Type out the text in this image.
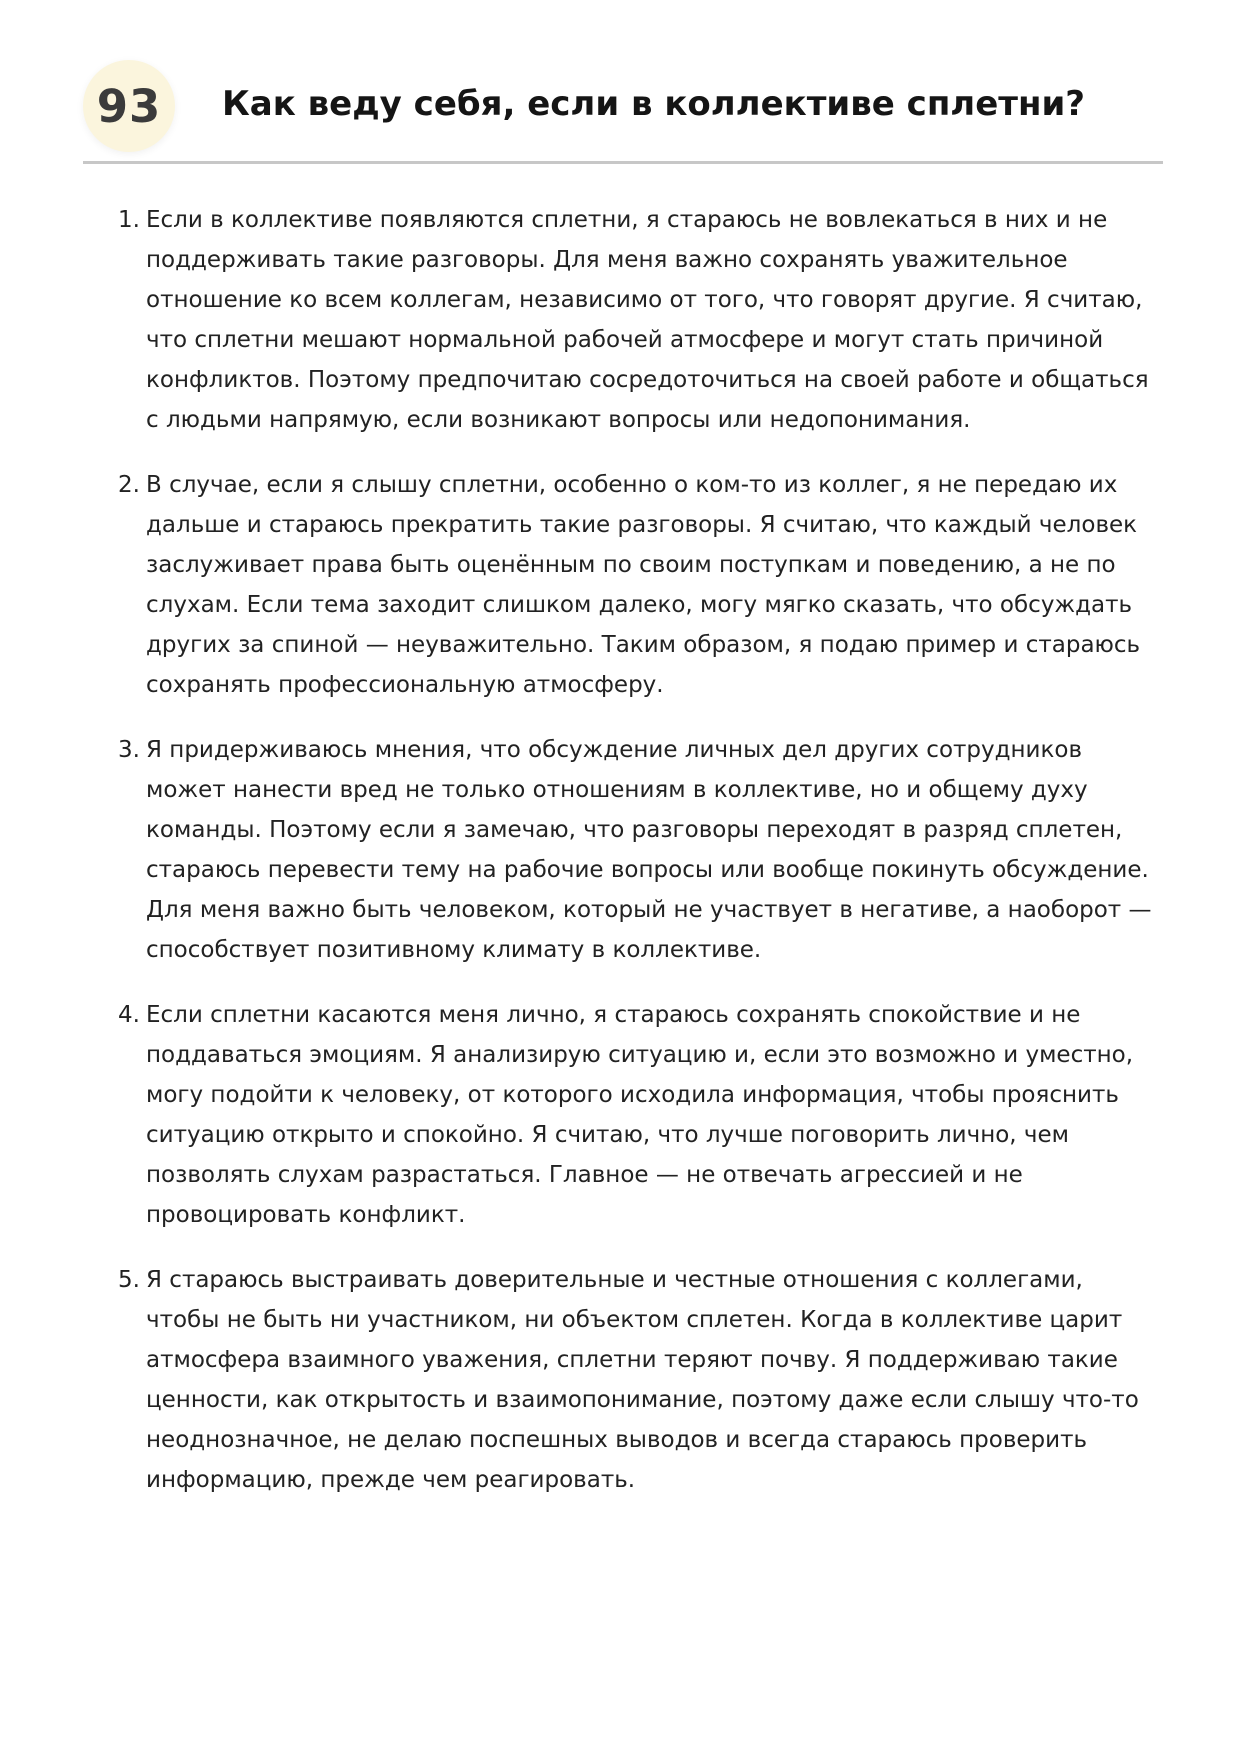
93	Как веду себя, если в коллективе сплетни?
1. Если в коллективе появляются сплетни, я стараюсь не вовлекаться в них и не поддерживать такие разговоры. Для меня важно сохранять уважительное отношение ко всем коллегам, независимо от того, что говорят другие. Я считаю, что сплетни мешают нормальной рабочей атмосфере и могут стать причиной конфликтов. Поэтому предпочитаю сосредоточиться на своей работе и общаться с людьми напрямую, если возникают вопросы или недопонимания.
2. В случае, если я слышу сплетни, особенно о ком-то из коллег, я не передаю их дальше и стараюсь прекратить такие разговоры. Я считаю, что каждый человек заслуживает права быть оценённым по своим поступкам и поведению, а не по слухам. Если тема заходит слишком далеко, могу мягко сказать, что обсуждать других за спиной — неуважительно. Таким образом, я подаю пример и стараюсь сохранять профессиональную атмосферу.
3. Я придерживаюсь мнения, что обсуждение личных дел других сотрудников может нанести вред не только отношениям в коллективе, но и общему духу команды. Поэтому если я замечаю, что разговоры переходят в разряд сплетен, стараюсь перевести тему на рабочие вопросы или вообще покинуть обсуждение. Для меня важно быть человеком, который не участвует в негативе, а наоборот — способствует позитивному климату в коллективе.
4. Если сплетни касаются меня лично, я стараюсь сохранять спокойствие и не поддаваться эмоциям. Я анализирую ситуацию и, если это возможно и уместно, могу подойти к человеку, от которого исходила информация, чтобы прояснить ситуацию открыто и спокойно. Я считаю, что лучше поговорить лично, чем позволять слухам разрастаться. Главное — не отвечать агрессией и не провоцировать конфликт.
5. Я стараюсь выстраивать доверительные и честные отношения с коллегами, чтобы не быть ни участником, ни объектом сплетен. Когда в коллективе царит атмосфера взаимного уважения, сплетни теряют почву. Я поддерживаю такие ценности, как открытость и взаимопонимание, поэтому даже если слышу что-то неоднозначное, не делаю поспешных выводов и всегда стараюсь проверить информацию, прежде чем реагировать.
